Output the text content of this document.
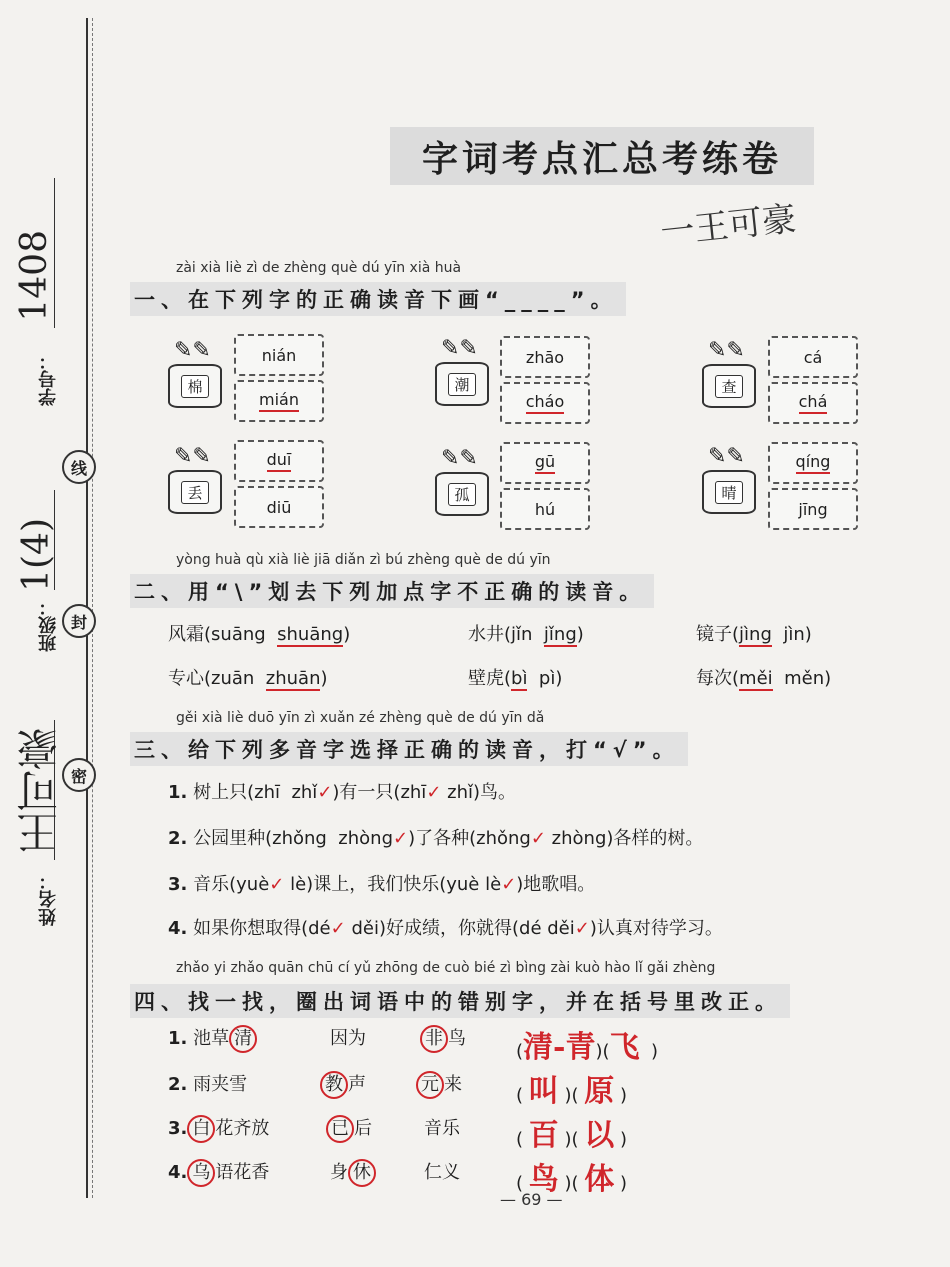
学号：
1408
线
班级：
1(4)
封
密
姓名：
王可豪
字词考点汇总考练卷
一王可豪
zài xià liè zì de zhèng què dú yīn xià huà
一、在下列字的正确读音下画“____”。
✎✎
棉
nián
mián
✎✎
潮
zhāo
cháo
✎✎
查
cá
chá
✎✎
丢
duī
diū
✎✎
孤
gū
hú
✎✎
晴
qíng
jīng
yòng huà qù xià liè jiā diǎn zì bú zhèng què de dú yīn
二、用“\”划去下列加点字不正确的读音。
风霜(suāng shuāng)	水井(jǐn jǐng)	镜子(jìng jìn)
专心(zuān zhuān)	壁虎(bì pì)	每次(měi měn)
gěi xià liè duō yīn zì xuǎn zé zhèng què de dú yīn dǎ
三、给下列多音字选择正确的读音，打“√”。
1. 树上只(zhī zhǐ✓)有一只(zhī✓ zhǐ)鸟。
2. 公园里种(zhǒng zhòng✓)了各种(zhǒng✓ zhòng)各样的树。
3. 音乐(yuè✓ lè)课上，我们快乐(yuè lè✓)地歌唱。
4. 如果你想取得(dé✓ děi)好成绩，你就得(dé děi✓)认真对待学习。
zhǎo yi zhǎo quān chū cí yǔ zhōng de cuò bié zì bìng zài kuò hào lǐ gǎi zhèng
四、找一找，圈出词语中的错别字，并在括号里改正。
1. 池草 清	因为	非 鸟
(清-青)(飞  )
2. 雨夹雪	教 声	元 来
( 叫 )( 原 )
3. 白 花齐放	已 后	音乐
( 百 )( 以 )
4. 乌 语花香	身 休	仁义
( 鸟 )( 体 )
— 69 —
